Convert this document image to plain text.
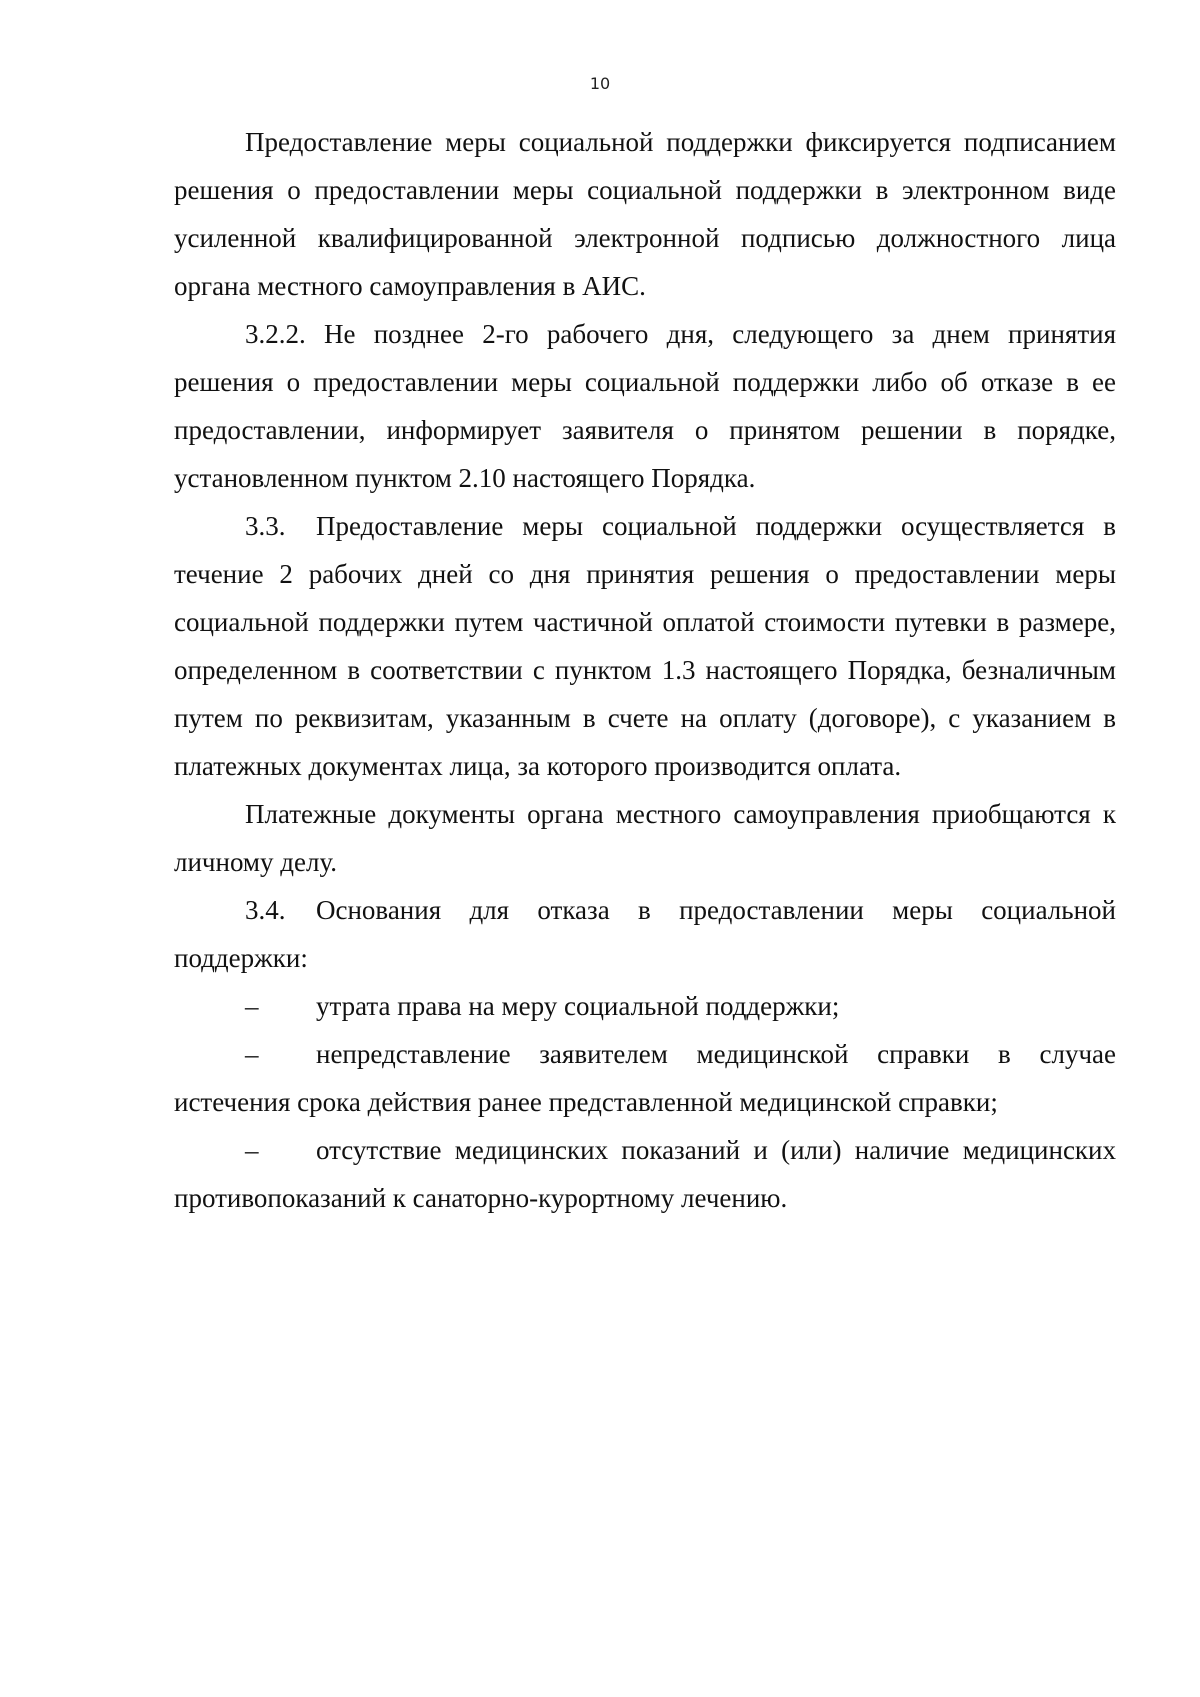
10

Предоставление меры социальной поддержки фиксируется подписанием решения о предоставлении меры социальной поддержки в электронном виде усиленной квалифицированной электронной подписью должностного лица органа местного самоуправления в АИС.

3.2.2. Не позднее 2-го рабочего дня, следующего за днем принятия решения о предоставлении меры социальной поддержки либо об отказе в ее предоставлении, информирует заявителя о принятом решении в порядке, установленном пунктом 2.10 настоящего Порядка.

3.3. Предоставление меры социальной поддержки осуществляется в течение 2 рабочих дней со дня принятия решения о предоставлении меры социальной поддержки путем частичной оплатой стоимости путевки в размере, определенном в соответствии с пунктом 1.3 настоящего Порядка, безналичным путем по реквизитам, указанным в счете на оплату (договоре), с указанием в платежных документах лица, за которого производится оплата.

Платежные документы органа местного самоуправления приобщаются к личному делу.

3.4. Основания для отказа в предоставлении меры социальной поддержки:

– утрата права на меру социальной поддержки;

– непредставление заявителем медицинской справки в случае истечения срока действия ранее представленной медицинской справки;

– отсутствие медицинских показаний и (или) наличие медицинских противопоказаний к санаторно-курортному лечению.
